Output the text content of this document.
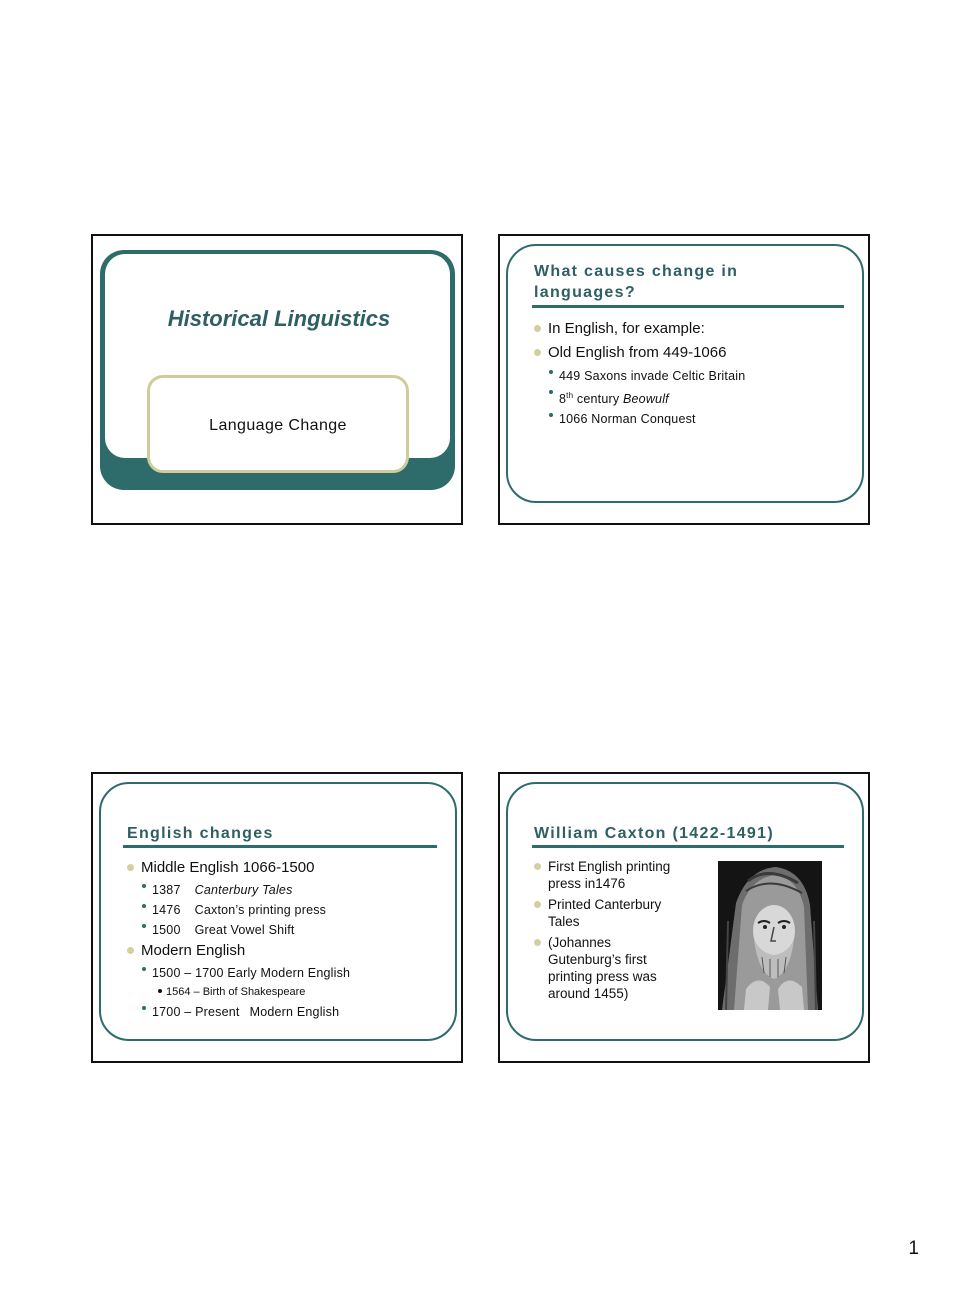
Historical Linguistics
Language Change
What causes change in languages?
In English, for example:
Old English from 449-1066
449 Saxons invade Celtic Britain
8th century Beowulf
1066 Norman Conquest
English changes
Middle English 1066-1500
1387 Canterbury Tales
1476 Caxton’s printing press
1500 Great Vowel Shift
Modern English
1500 – 1700 Early Modern English
1564 – Birth of Shakespeare
1700 – Present Modern English
William Caxton (1422-1491)
First English printing press in1476
Printed Canterbury Tales
(Johannes Gutenburg’s first printing press was around 1455)
1
